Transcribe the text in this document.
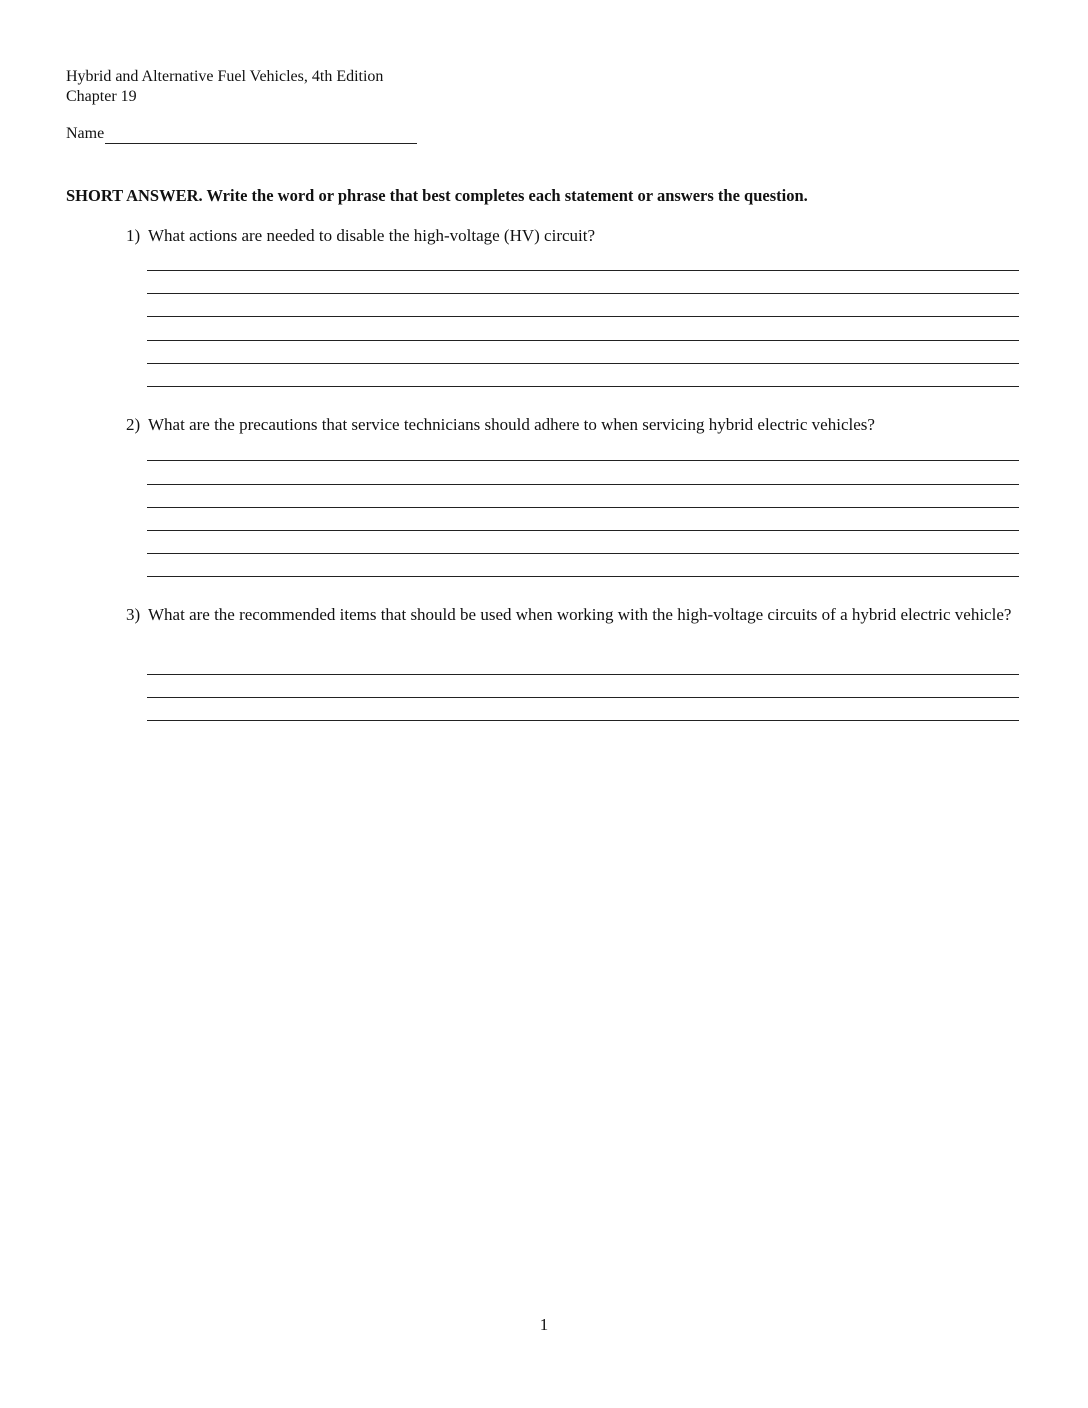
Hybrid and Alternative Fuel Vehicles, 4th Edition
Chapter 19
Name
SHORT ANSWER. Write the word or phrase that best completes each statement or answers the question.
1) What actions are needed to disable the high-voltage (HV) circuit?
2) What are the precautions that service technicians should adhere to when servicing hybrid electric vehicles?
3) What are the recommended items that should be used when working with the high-voltage circuits of a hybrid electric vehicle?
1
